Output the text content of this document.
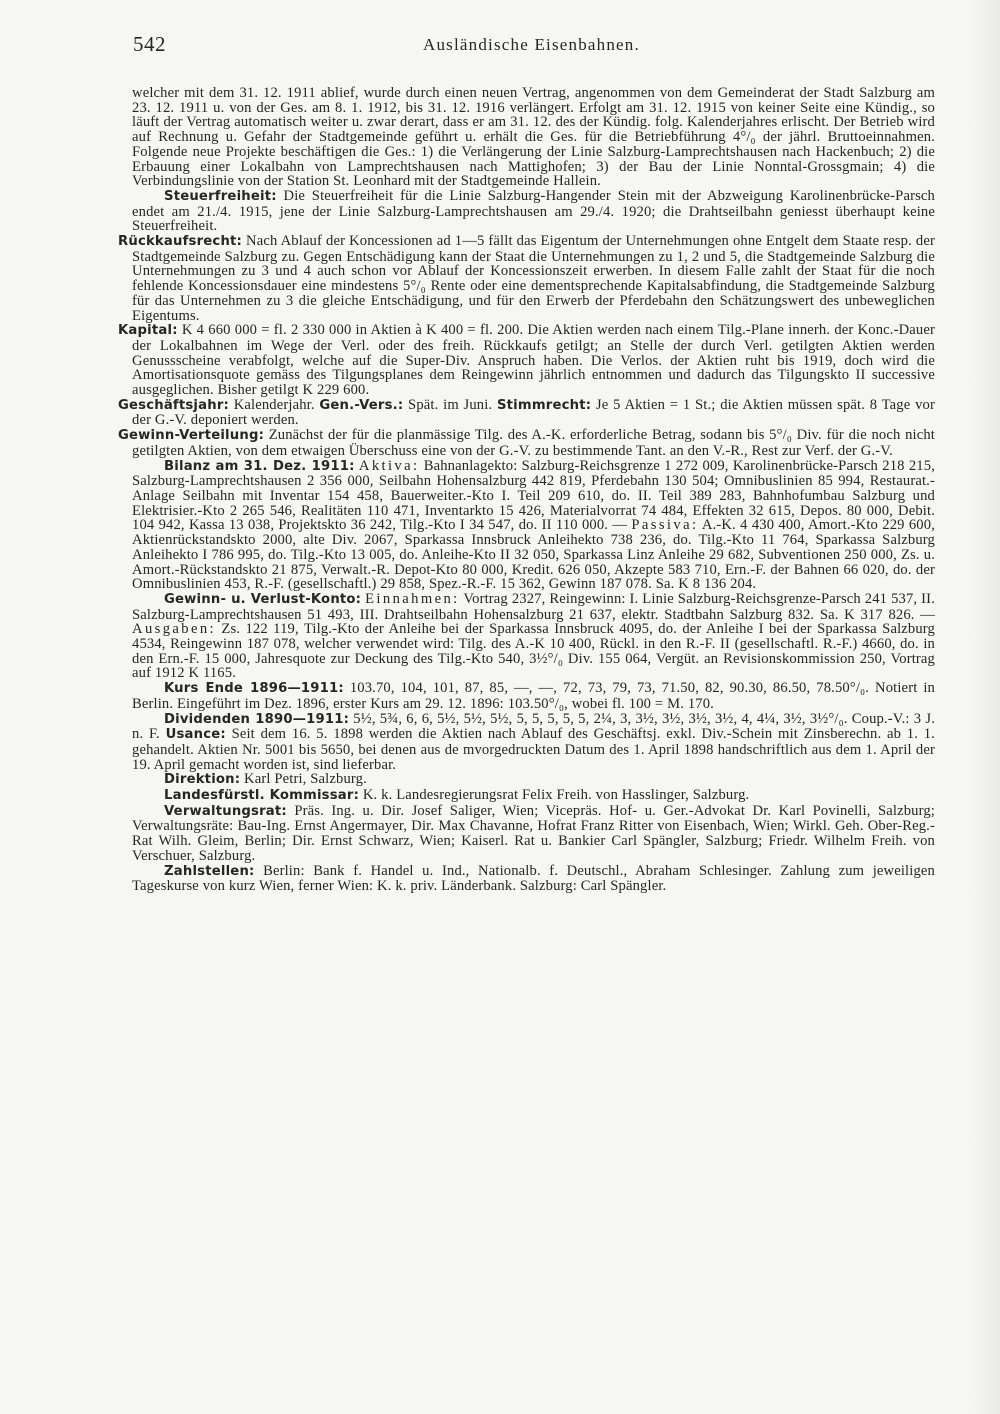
542	Ausländische Eisenbahnen.

welcher mit dem 31. 12. 1911 ablief, wurde durch einen neuen Vertrag, angenommen von dem Gemeinderat der Stadt Salzburg am 23. 12. 1911 u. von der Ges. am 8. 1. 1912, bis 31. 12. 1916 verlängert. Erfolgt am 31. 12. 1915 von keiner Seite eine Kündig., so läuft der Vertrag automatisch weiter u. zwar derart, dass er am 31. 12. des der Kündig. folg. Kalenderjahres erlischt. Der Betrieb wird auf Rechnung u. Gefahr der Stadtgemeinde geführt u. erhält die Ges. für die Betriebführung 4°/₀ der jährl. Bruttoeinnahmen. Folgende neue Projekte beschäftigen die Ges.: 1) die Verlängerung der Linie Salzburg-Lamprechtshausen nach Hackenbuch; 2) die Erbauung einer Lokalbahn von Lamprechtshausen nach Mattighofen; 3) der Bau der Linie Nonntal-Grossgmain; 4) die Verbindungslinie von der Station St. Leonhard mit der Stadtgemeinde Hallein.

Steuerfreiheit: Die Steuerfreiheit für die Linie Salzburg-Hangender Stein mit der Abzweigung Karolinenbrücke-Parsch endet am 21./4. 1915, jene der Linie Salzburg-Lamprechtshausen am 29./4. 1920; die Drahtseilbahn geniesst überhaupt keine Steuerfreiheit.

Rückkaufsrecht: Nach Ablauf der Koncessionen ad 1—5 fällt das Eigentum der Unternehmungen ohne Entgelt dem Staate resp. der Stadtgemeinde Salzburg zu. Gegen Entschädigung kann der Staat die Unternehmungen zu 1, 2 und 5, die Stadtgemeinde Salzburg die Unternehmungen zu 3 und 4 auch schon vor Ablauf der Koncessionszeit erwerben. In diesem Falle zahlt der Staat für die noch fehlende Koncessionsdauer eine mindestens 5°/₀ Rente oder eine dementsprechende Kapitalsabfindung, die Stadtgemeinde Salzburg für das Unternehmen zu 3 die gleiche Entschädigung, und für den Erwerb der Pferdebahn den Schätzungswert des unbeweglichen Eigentums.

Kapital: K 4 660 000 = fl. 2 330 000 in Aktien à K 400 = fl. 200. Die Aktien werden nach einem Tilg.-Plane innerh. der Konc.-Dauer der Lokalbahnen im Wege der Verl. oder des freih. Rückkaufs getilgt; an Stelle der durch Verl. getilgten Aktien werden Genussscheine verabfolgt, welche auf die Super-Div. Anspruch haben. Die Verlos. der Aktien ruht bis 1919, doch wird die Amortisationsquote gemäss des Tilgungsplanes dem Reingewinn jährlich entnommen und dadurch das Tilgungskto II successive ausgeglichen. Bisher getilgt K 229 600.

Geschäftsjahr: Kalenderjahr. Gen.-Vers.: Spät. im Juni. Stimmrecht: Je 5 Aktien = 1 St.; die Aktien müssen spät. 8 Tage vor der G.-V. deponiert werden.

Gewinn-Verteilung: Zunächst der für die planmässige Tilg. des A.-K. erforderliche Betrag, sodann bis 5°/₀ Div. für die noch nicht getilgten Aktien, von dem etwaigen Überschuss eine von der G.-V. zu bestimmende Tant. an den V.-R., Rest zur Verf. der G.-V.

Bilanz am 31. Dez. 1911: Aktiva: Bahnanlagekto: Salzburg-Reichsgrenze 1 272 009, Karolinenbrücke-Parsch 218 215, Salzburg-Lamprechtshausen 2 356 000, Seilbahn Hohensalzburg 442 819, Pferdebahn 130 504; Omnibuslinien 85 994, Restaurat.-Anlage Seilbahn mit Inventar 154 458, Bauerweiter.-Kto I. Teil 209 610, do. II. Teil 389 283, Bahnhofumbau Salzburg und Elektrisier.-Kto 2 265 546, Realitäten 110 471, Inventarkto 15 426, Materialvorrat 74 484, Effekten 32 615, Depos. 80 000, Debit. 104 942, Kassa 13 038, Projektskto 36 242, Tilg.-Kto I 34 547, do. II 110 000. — Passiva: A.-K. 4 430 400, Amort.-Kto 229 600, Aktienrückstandskto 2000, alte Div. 2067, Sparkassa Innsbruck Anleihekto 738 236, do. Tilg.-Kto 11 764, Sparkassa Salzburg Anleihekto I 786 995, do. Tilg.-Kto 13 005, do. Anleihe-Kto II 32 050, Sparkassa Linz Anleihe 29 682, Subventionen 250 000, Zs. u. Amort.-Rückstandskto 21 875, Verwalt.-R. Depot-Kto 80 000, Kredit. 626 050, Akzepte 583 710, Ern.-F. der Bahnen 66 020, do. der Omnibuslinien 453, R.-F. (gesellschaftl.) 29 858, Spez.-R.-F. 15 362, Gewinn 187 078. Sa. K 8 136 204.

Gewinn- u. Verlust-Konto: Einnahmen: Vortrag 2327, Reingewinn: I. Linie Salzburg-Reichsgrenze-Parsch 241 537, II. Salzburg-Lamprechtshausen 51 493, III. Drahtseilbahn Hohensalzburg 21 637, elektr. Stadtbahn Salzburg 832. Sa. K 317 826. — Ausgaben: Zs. 122 119, Tilg.-Kto der Anleihe bei der Sparkassa Innsbruck 4095, do. der Anleihe I bei der Sparkassa Salzburg 4534, Reingewinn 187 078, welcher verwendet wird: Tilg. des A.-K 10 400, Rückl. in den R.-F. II (gesellschaftl. R.-F.) 4660, do. in den Ern.-F. 15 000, Jahresquote zur Deckung des Tilg.-Kto 540, 3½°/₀ Div. 155 064, Vergüt. an Revisionskommission 250, Vortrag auf 1912 K 1165.

Kurs Ende 1896—1911: 103.70, 104, 101, 87, 85, —, —, 72, 73, 79, 73, 71.50, 82, 90.30, 86.50, 78.50°/₀. Notiert in Berlin. Eingeführt im Dez. 1896, erster Kurs am 29. 12. 1896: 103.50°/₀, wobei fl. 100 = M. 170.

Dividenden 1890—1911: 5½, 5¾, 6, 6, 5½, 5½, 5½, 5, 5, 5, 5, 5, 2¼, 3, 3½, 3½, 3½, 3½, 4, 4¼, 3½, 3½°/₀. Coup.-V.: 3 J. n. F. Usance: Seit dem 16. 5. 1898 werden die Aktien nach Ablauf des Geschäftsj. exkl. Div.-Schein mit Zinsberechn. ab 1. 1. gehandelt. Aktien Nr. 5001 bis 5650, bei denen aus de mvorgedruckten Datum des 1. April 1898 handschriftlich aus dem 1. April der 19. April gemacht worden ist, sind lieferbar.

Direktion: Karl Petri, Salzburg.

Landesfürstl. Kommissar: K. k. Landesregierungsrat Felix Freih. von Hasslinger, Salzburg.

Verwaltungsrat: Präs. Ing. u. Dir. Josef Saliger, Wien; Vicepräs. Hof- u. Ger.-Advokat Dr. Karl Povinelli, Salzburg; Verwaltungsräte: Bau-Ing. Ernst Angermayer, Dir. Max Chavanne, Hofrat Franz Ritter von Eisenbach, Wien; Wirkl. Geh. Ober-Reg.-Rat Wilh. Gleim, Berlin; Dir. Ernst Schwarz, Wien; Kaiserl. Rat u. Bankier Carl Spängler, Salzburg; Friedr. Wilhelm Freih. von Verschuer, Salzburg.

Zahlstellen: Berlin: Bank f. Handel u. Ind., Nationalb. f. Deutschl., Abraham Schlesinger. Zahlung zum jeweiligen Tageskurse von kurz Wien, ferner Wien: K. k. priv. Länderbank. Salzburg: Carl Spängler.
